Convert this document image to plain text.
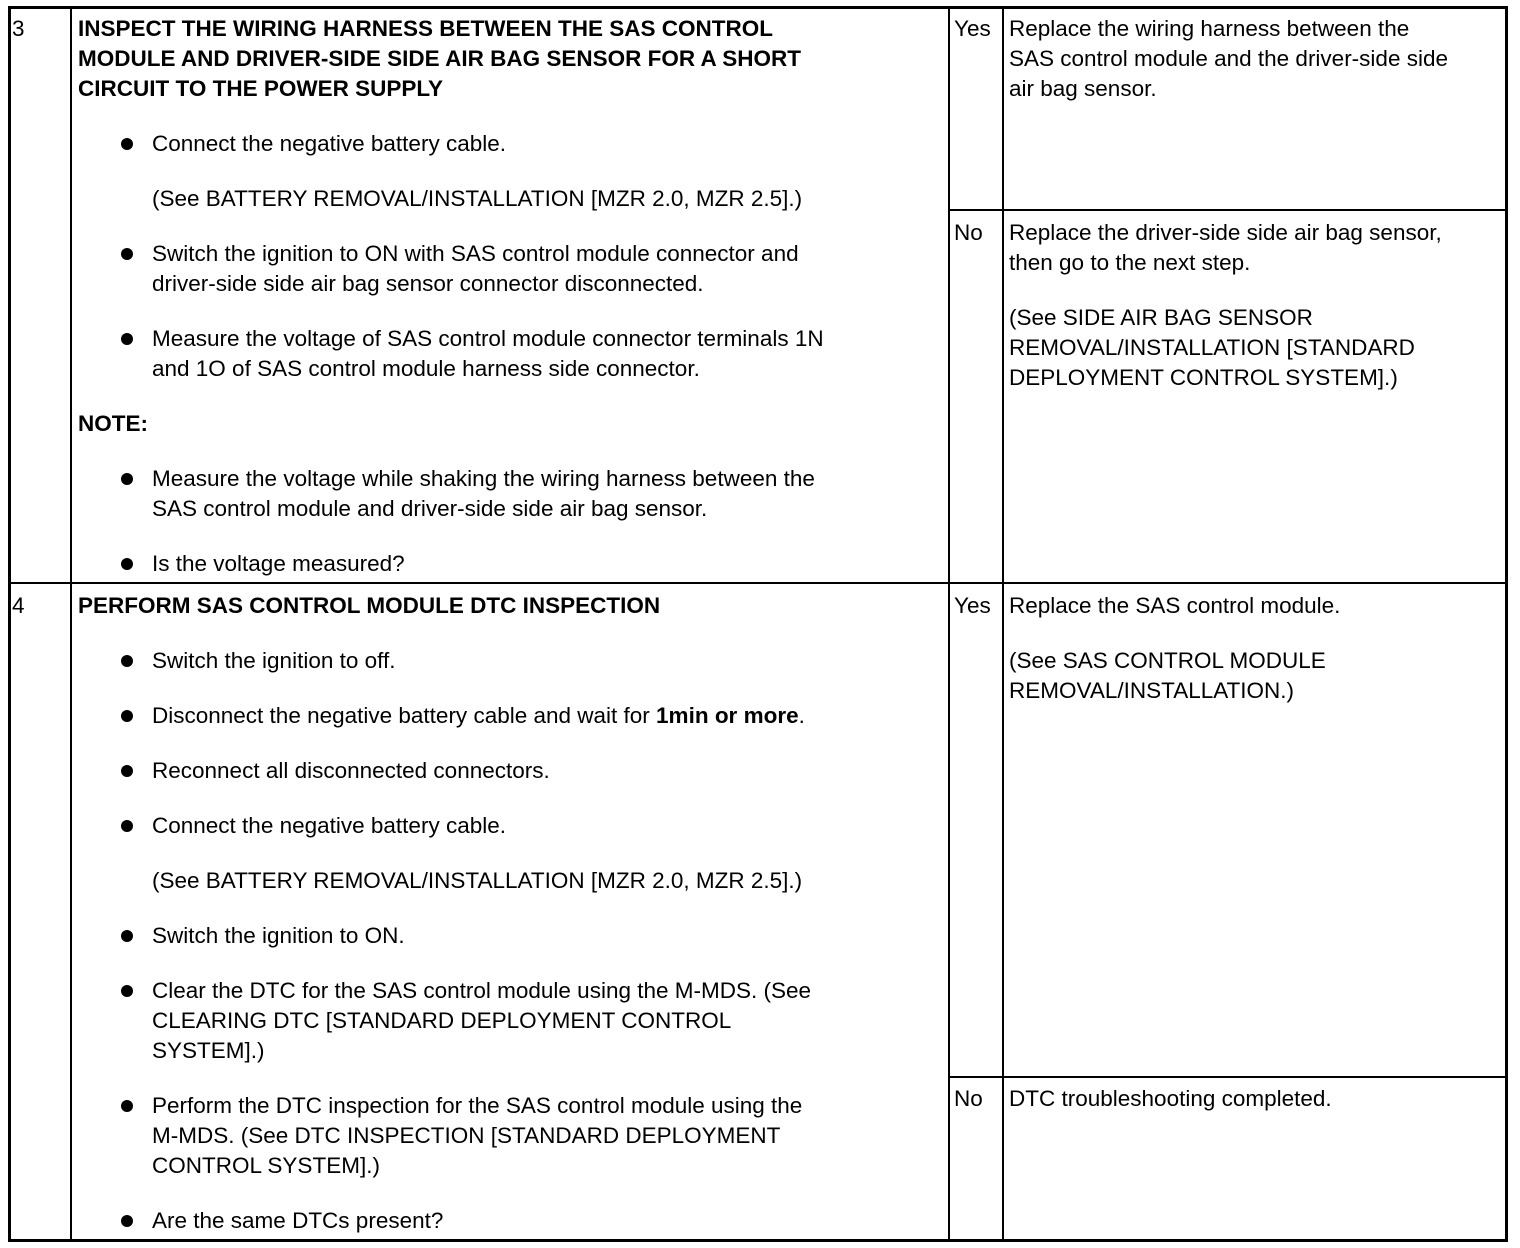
3 INSPECT THE WIRING HARNESS BETWEEN THE SAS CONTROL

MODULE AND DRIVER-SIDE SIDE AIR BAG SENSOR FOR A SHORT

CIRCUIT TO THE POWER SUPPLY

Connect the negative battery cable.

(See BATTERY REMOVAL/INSTALLATION [MZR 2.0, MZR 2.5].)

Switch the ignition to ON with SAS control module connector and

driver-side side air bag sensor connector disconnected.

Measure the voltage of SAS control module connector terminals 1N

and 1O of SAS control module harness side connector.

NOTE:

Measure the voltage while shaking the wiring harness between the

SAS control module and driver-side side air bag sensor.

Is the voltage measured?

Yes Replace the wiring harness between the

SAS control module and the driver-side side

air bag sensor.

No Replace the driver-side side air bag sensor,

then go to the next step.

(See SIDE AIR BAG SENSOR

REMOVAL/INSTALLATION [STANDARD

DEPLOYMENT CONTROL SYSTEM].)

4 PERFORM SAS CONTROL MODULE DTC INSPECTION

Switch the ignition to off.

Disconnect the negative battery cable and wait for 1min or more.

Reconnect all disconnected connectors.

Connect the negative battery cable.

(See BATTERY REMOVAL/INSTALLATION [MZR 2.0, MZR 2.5].)

Switch the ignition to ON.

Clear the DTC for the SAS control module using the M-MDS. (See

CLEARING DTC [STANDARD DEPLOYMENT CONTROL

SYSTEM].)

Perform the DTC inspection for the SAS control module using the

M-MDS. (See DTC INSPECTION [STANDARD DEPLOYMENT

CONTROL SYSTEM].)

Are the same DTCs present?

Yes Replace the SAS control module.

(See SAS CONTROL MODULE

REMOVAL/INSTALLATION.)

No DTC troubleshooting completed.
